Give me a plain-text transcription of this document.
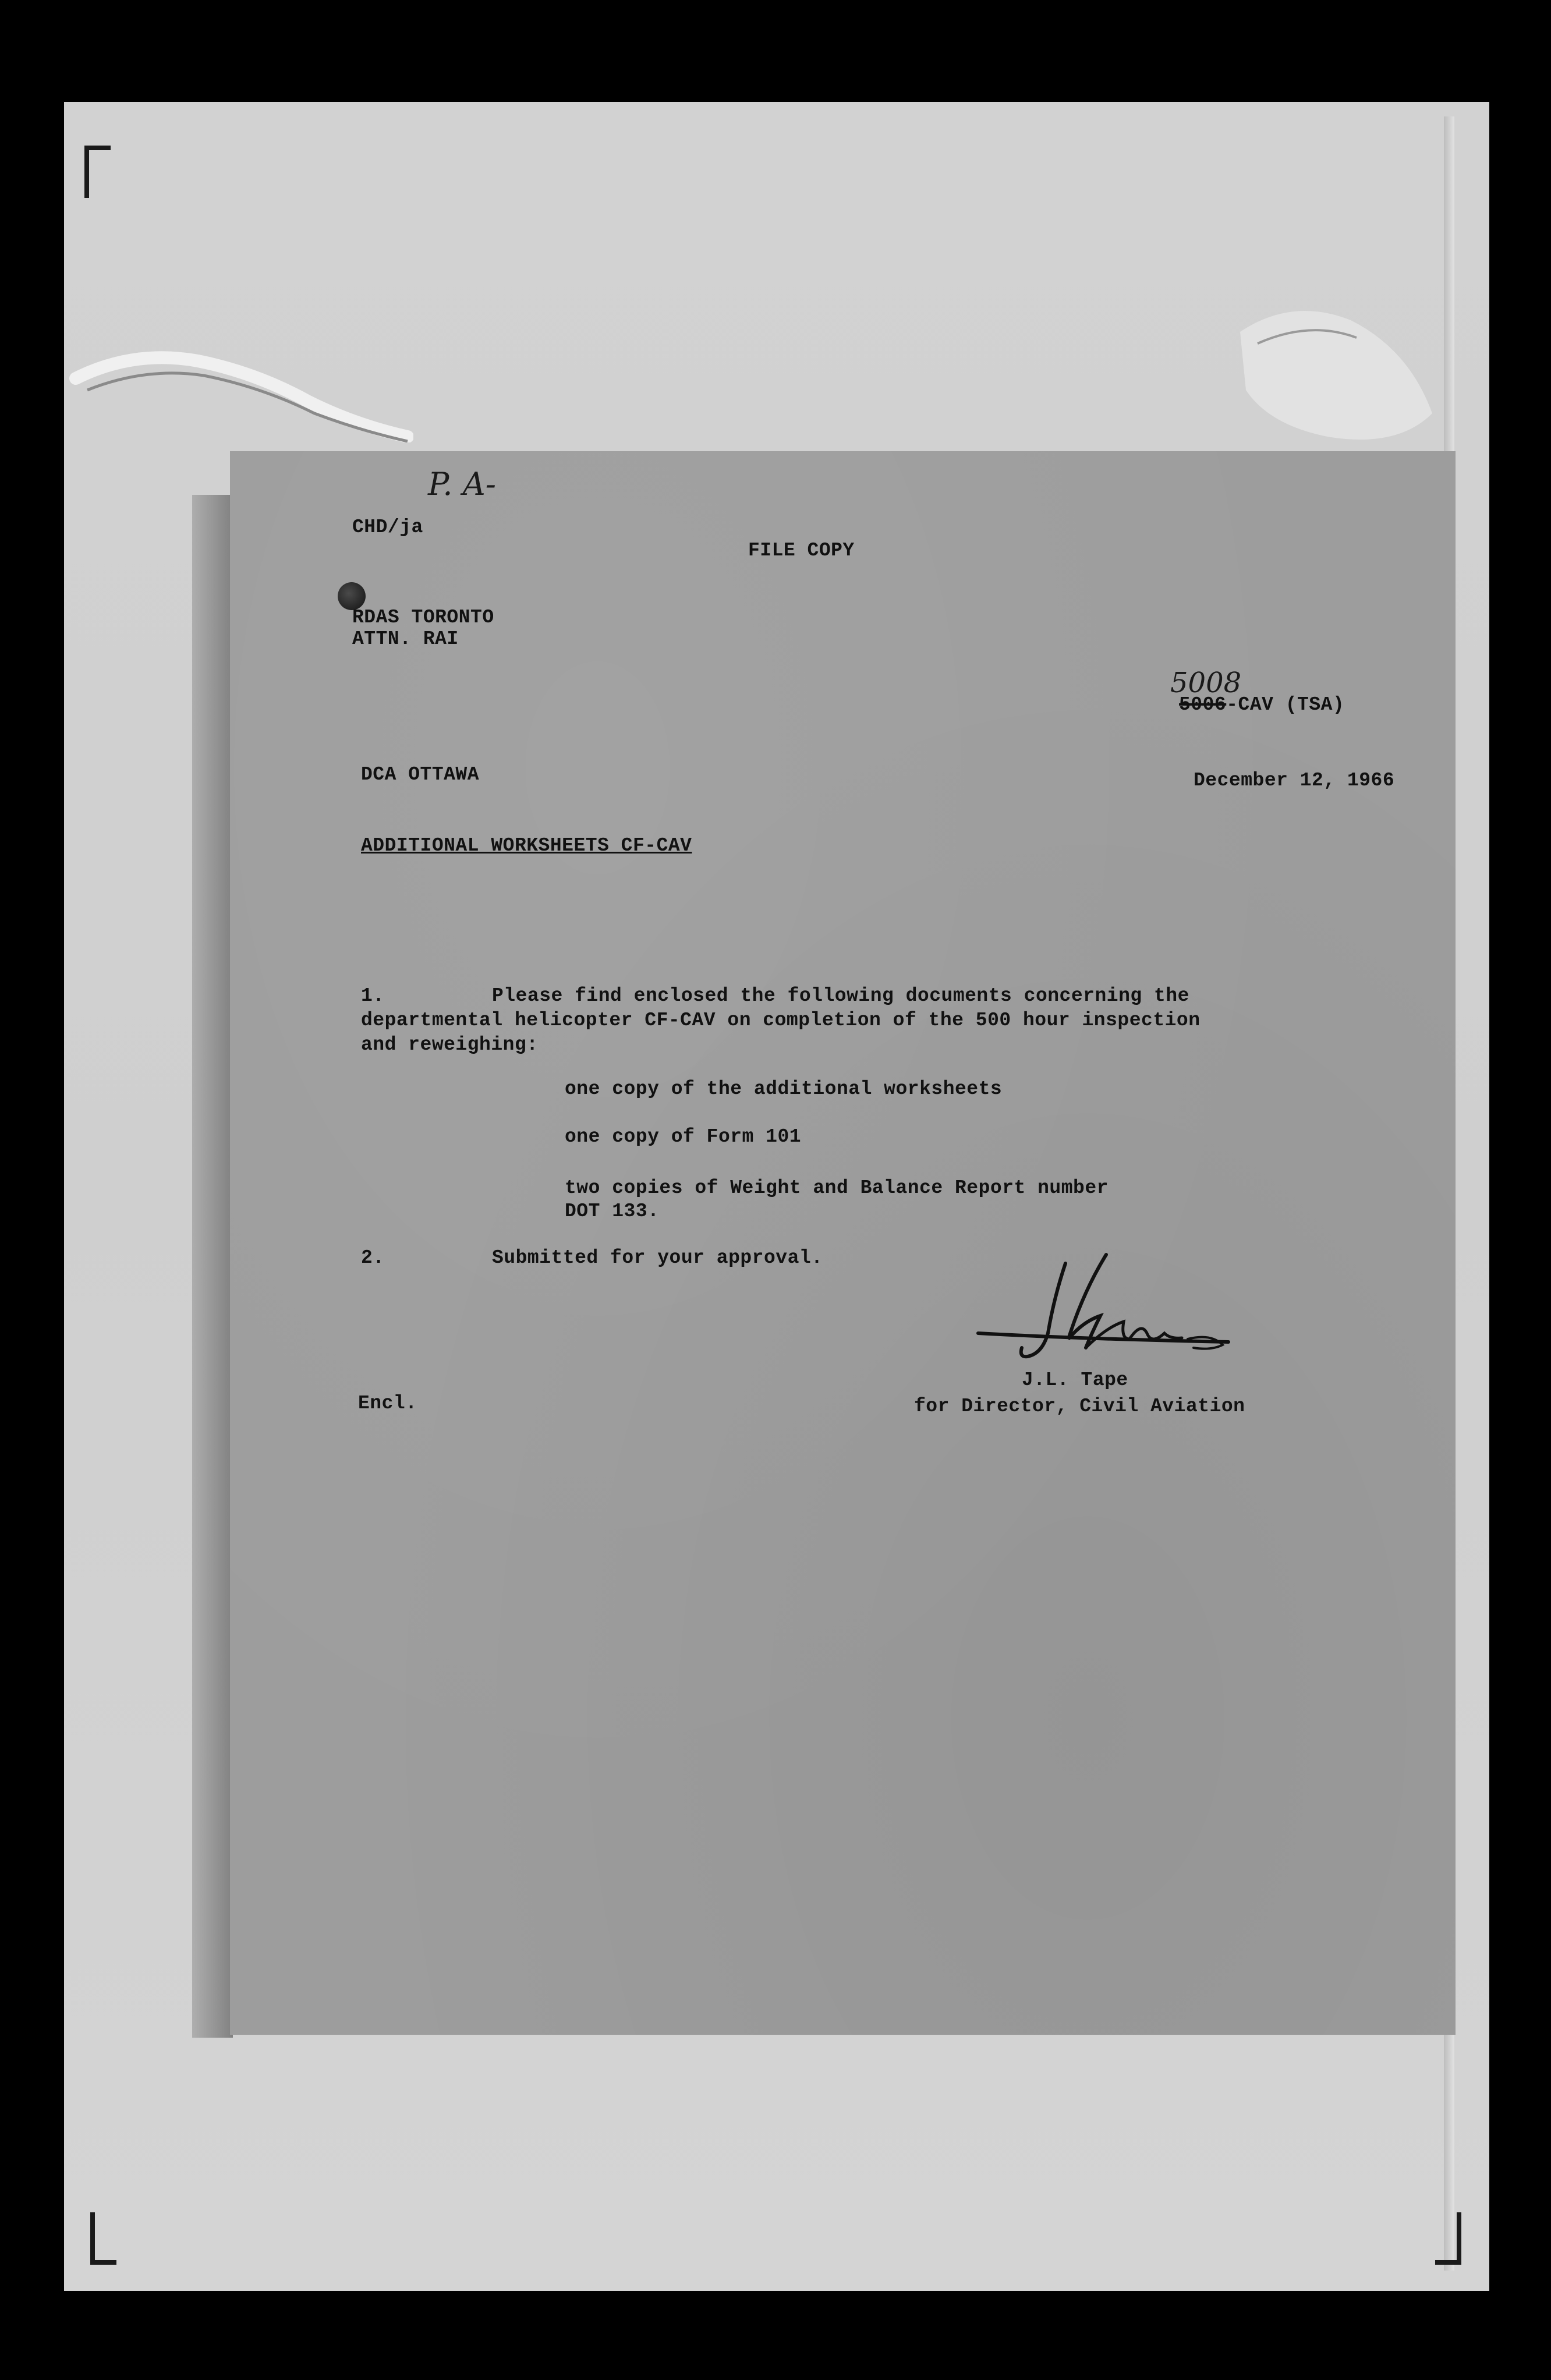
CHD/ja
P. A-
FILE COPY
RDAS TORONTO
ATTN. RAI
5008
5006-CAV (TSA)
DCA OTTAWA	December 12, 1966
ADDITIONAL WORKSHEETS CF-CAV
1.	Please find enclosed the following documents concerning the
departmental helicopter CF-CAV on completion of the 500 hour inspection
and reweighing:
one copy of the additional worksheets
one copy of Form 101
two copies of Weight and Balance Report number
DOT 133.
2.	Submitted for your approval.
J.L. Tape
for Director, Civil Aviation
Encl.
